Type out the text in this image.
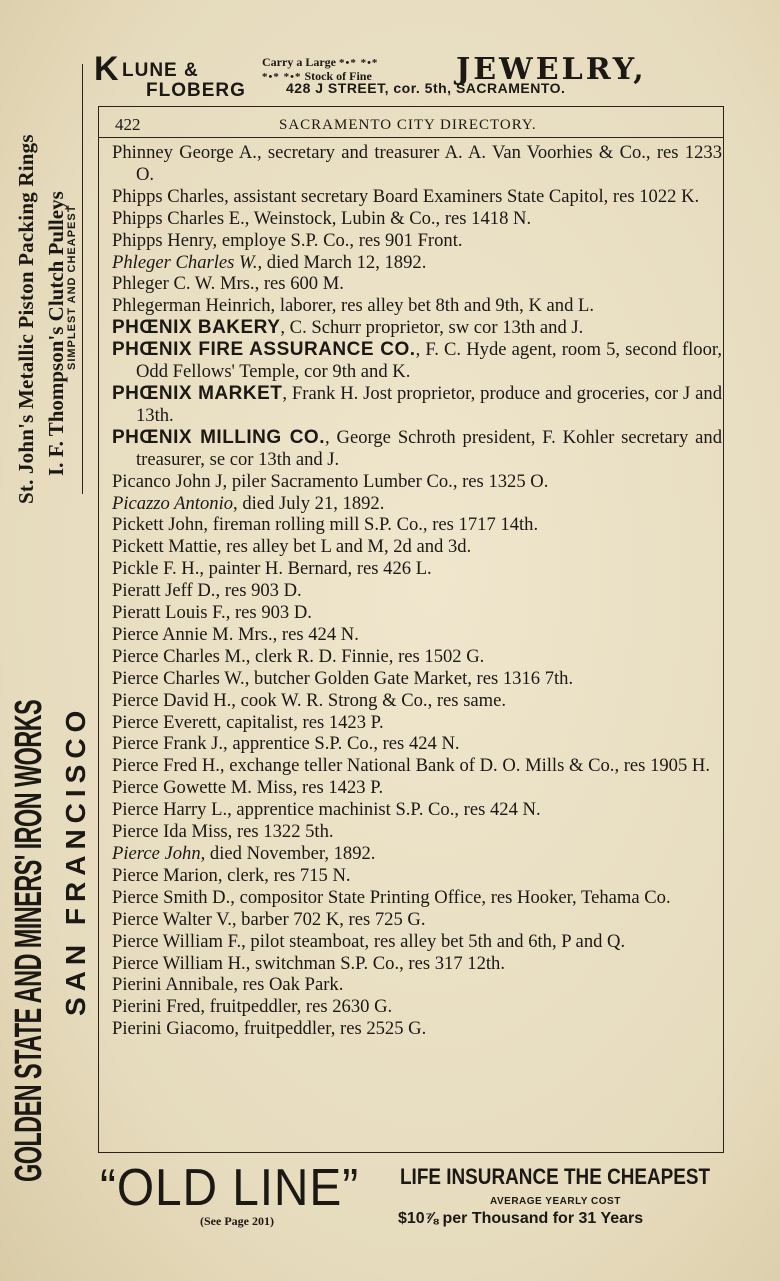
GOLDEN STATE AND MINERS' IRON WORKS
St. John's Metallic Piston Packing Rings I. F. Thompson's Clutch Pulleys
SIMPLEST AND CHEAPEST
SAN FRANCISCO
K LUNE &
FLOBERG
Carry a Large *•* *•*
*•* *•* Stock of Fine	JEWELRY,
428 J STREET, cor. 5th, SACRAMENTO.
422	SACRAMENTO CITY DIRECTORY.

Phinney George A., secretary and treasurer A. A. Van Voorhies & Co., res 1233 O.

Phipps Charles, assistant secretary Board Examiners State Capitol, res 1022 K.

Phipps Charles E., Weinstock, Lubin & Co., res 1418 N.

Phipps Henry, employe S.P. Co., res 901 Front.

Phleger Charles W., died March 12, 1892.

Phleger C. W. Mrs., res 600 M.

Phlegerman Heinrich, laborer, res alley bet 8th and 9th, K and L.

PHŒNIX BAKERY, C. Schurr proprietor, sw cor 13th and J.

PHŒNIX FIRE ASSURANCE CO., F. C. Hyde agent, room 5, second floor, Odd Fellows' Temple, cor 9th and K.

PHŒNIX MARKET, Frank H. Jost proprietor, produce and groceries, cor J and 13th.

PHŒNIX MILLING CO., George Schroth president, F. Kohler secretary and treasurer, se cor 13th and J.

Picanco John J, piler Sacramento Lumber Co., res 1325 O.

Picazzo Antonio, died July 21, 1892.

Pickett John, fireman rolling mill S.P. Co., res 1717 14th.

Pickett Mattie, res alley bet L and M, 2d and 3d.

Pickle F. H., painter H. Bernard, res 426 L.

Pieratt Jeff D., res 903 D.

Pieratt Louis F., res 903 D.

Pierce Annie M. Mrs., res 424 N.

Pierce Charles M., clerk R. D. Finnie, res 1502 G.

Pierce Charles W., butcher Golden Gate Market, res 1316 7th.

Pierce David H., cook W. R. Strong & Co., res same.

Pierce Everett, capitalist, res 1423 P.

Pierce Frank J., apprentice S.P. Co., res 424 N.

Pierce Fred H., exchange teller National Bank of D. O. Mills & Co., res 1905 H.

Pierce Gowette M. Miss, res 1423 P.

Pierce Harry L., apprentice machinist S.P. Co., res 424 N.

Pierce Ida Miss, res 1322 5th.

Pierce John, died November, 1892.

Pierce Marion, clerk, res 715 N.

Pierce Smith D., compositor State Printing Office, res Hooker, Tehama Co.

Pierce Walter V., barber 702 K, res 725 G.

Pierce William F., pilot steamboat, res alley bet 5th and 6th, P and Q.

Pierce William H., switchman S.P. Co., res 317 12th.

Pierini Annibale, res Oak Park.

Pierini Fred, fruitpeddler, res 2630 G.

Pierini Giacomo, fruitpeddler, res 2525 G.

“OLD LINE” LIFE INSURANCE THE CHEAPEST
AVERAGE YEARLY COST
(See Page 201)	$10⅞ per Thousand for 31 Years
